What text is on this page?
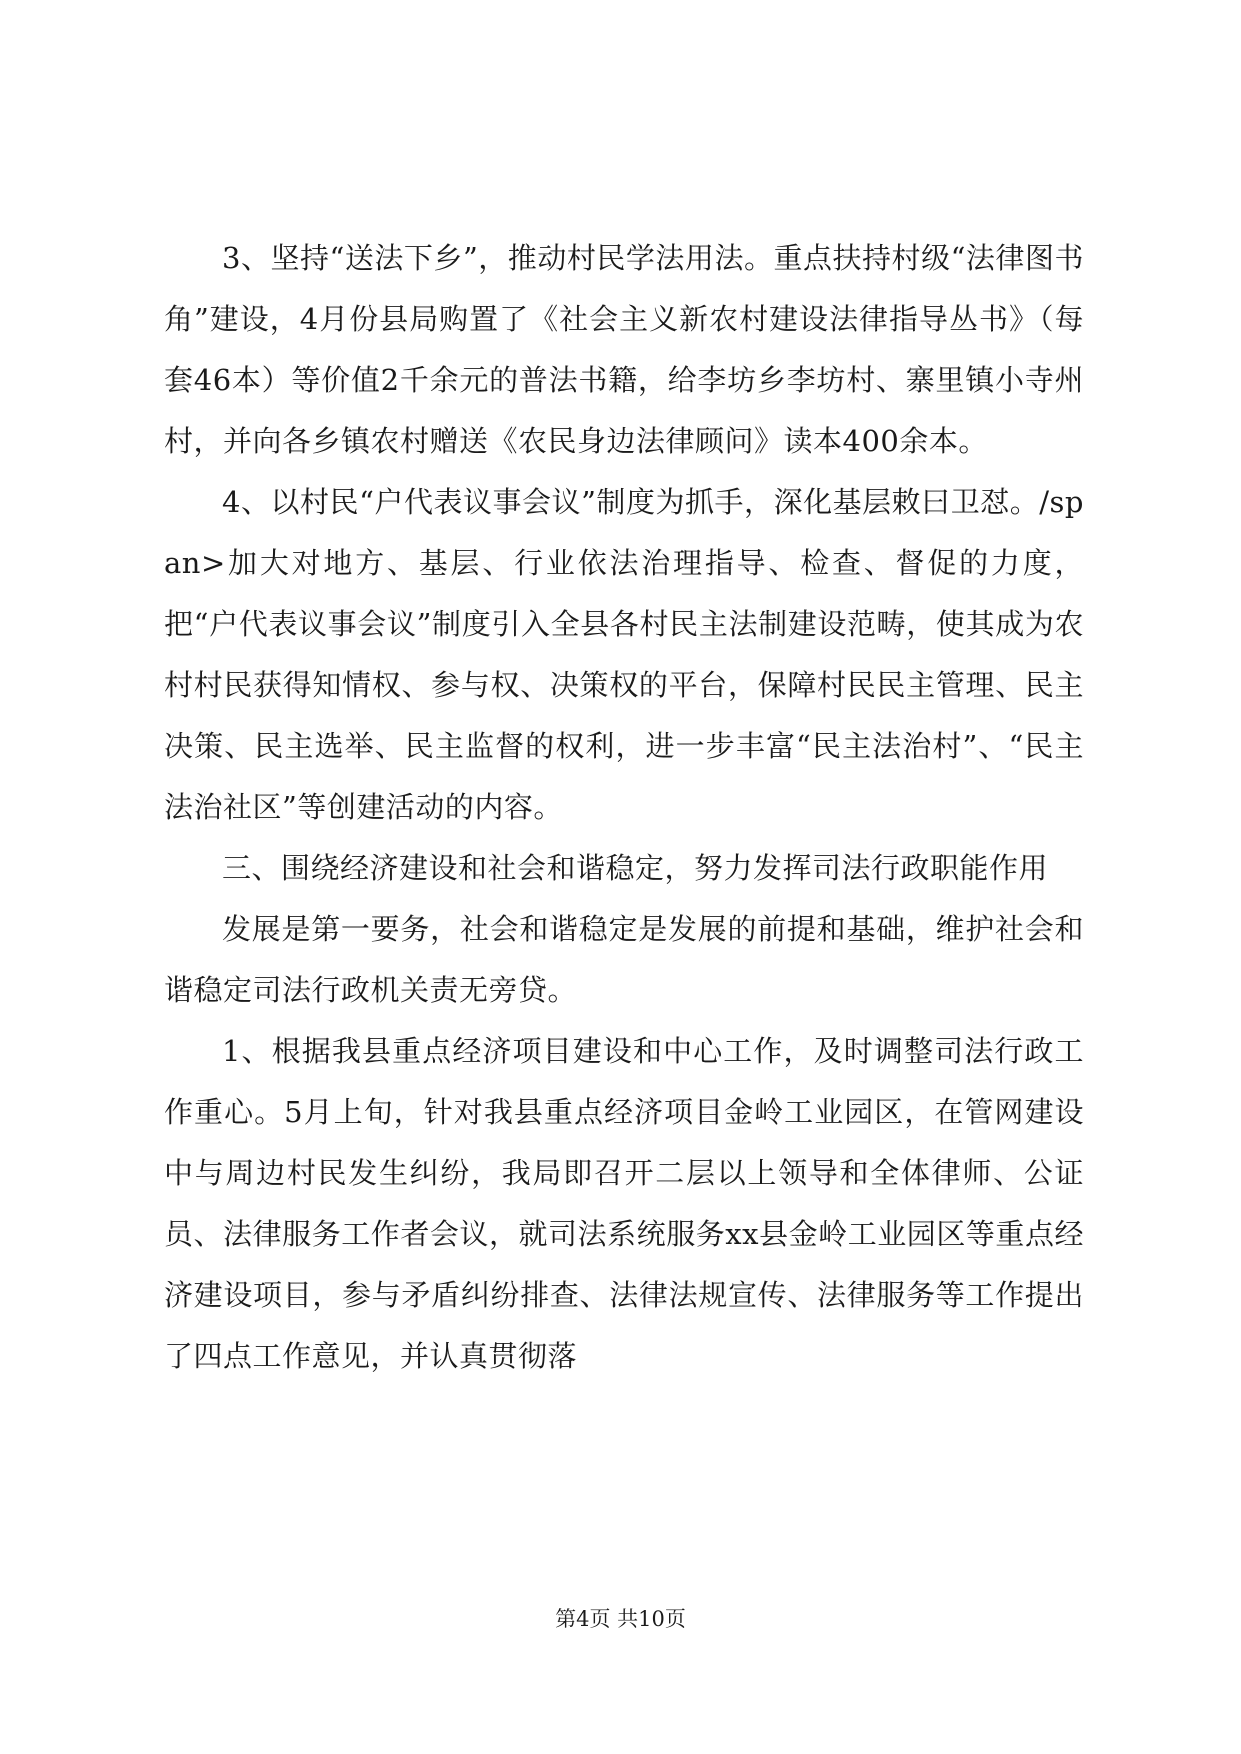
3、坚持“送法下乡”，推动村民学法用法。重点扶持村级“法律图书角”建设，4月份县局购置了《社会主义新农村建设法律指导丛书》（每套46本）等价值2千余元的普法书籍，给李坊乡李坊村、寨里镇小寺州村，并向各乡镇农村赠送《农民身边法律顾问》读本400余本。

4、以村民“户代表议事会议”制度为抓手，深化基层敕曰卫怼。/span>加大对地方、基层、行业依法治理指导、检查、督促的力度，把“户代表议事会议”制度引入全县各村民主法制建设范畴，使其成为农村村民获得知情权、参与权、决策权的平台，保障村民民主管理、民主决策、民主选举、民主监督的权利，进一步丰富“民主法治村”、“民主法治社区”等创建活动的内容。

三、围绕经济建设和社会和谐稳定，努力发挥司法行政职能作用

发展是第一要务，社会和谐稳定是发展的前提和基础，维护社会和谐稳定司法行政机关责无旁贷。

1、根据我县重点经济项目建设和中心工作，及时调整司法行政工作重心。5月上旬，针对我县重点经济项目金岭工业园区，在管网建设中与周边村民发生纠纷，我局即召开二层以上领导和全体律师、公证员、法律服务工作者会议，就司法系统服务xx县金岭工业园区等重点经济建设项目，参与矛盾纠纷排查、法律法规宣传、法律服务等工作提出了四点工作意见，并认真贯彻落

第4页 共10页
